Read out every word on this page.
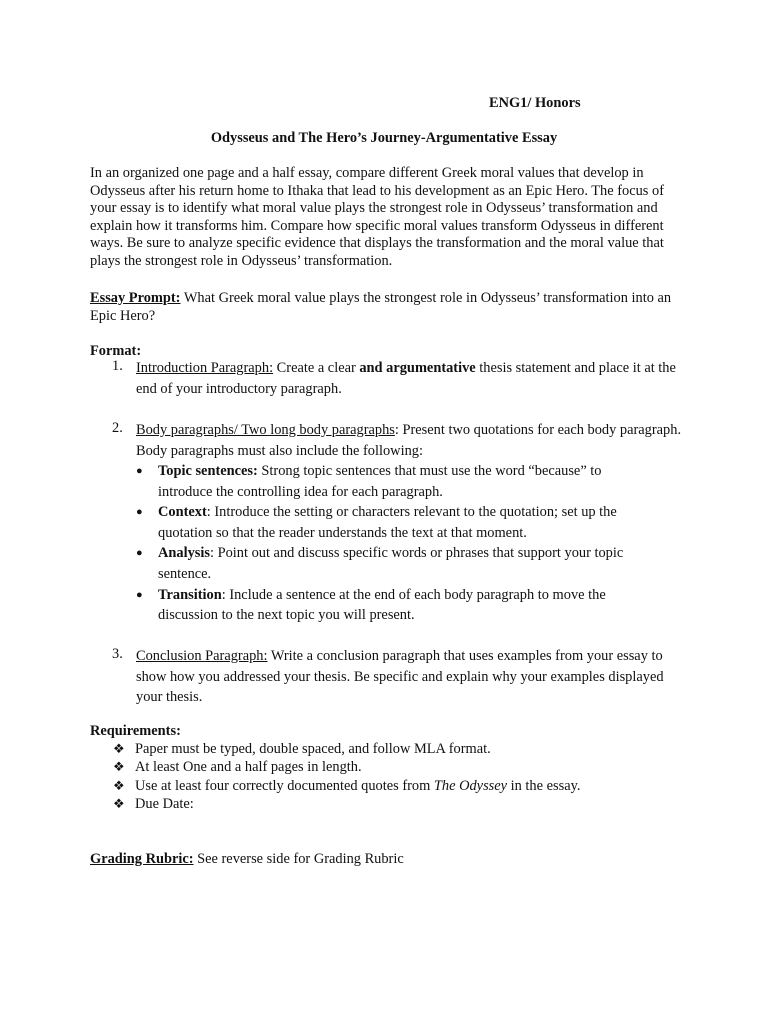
ENG1/ Honors
Odysseus and The Hero’s Journey-Argumentative Essay

In an organized one page and a half essay, compare different Greek moral values that develop in Odysseus after his return home to Ithaka that lead to his development as an Epic Hero. The focus of your essay is to identify what moral value plays the strongest role in Odysseus’ transformation and explain how it transforms him. Compare how specific moral values transform Odysseus in different ways. Be sure to analyze specific evidence that displays the transformation and the moral value that plays the strongest role in Odysseus’ transformation.

Essay Prompt: What Greek moral value plays the strongest role in Odysseus’ transformation into an Epic Hero?

Format:
1. Introduction Paragraph: Create a clear and argumentative thesis statement and place it at the end of your introductory paragraph.
2. Body paragraphs/ Two long body paragraphs: Present two quotations for each body paragraph. Body paragraphs must also include the following:
● Topic sentences: Strong topic sentences that must use the word “because” to introduce the controlling idea for each paragraph.
● Context: Introduce the setting or characters relevant to the quotation; set up the quotation so that the reader understands the text at that moment.
● Analysis: Point out and discuss specific words or phrases that support your topic sentence.
● Transition: Include a sentence at the end of each body paragraph to move the discussion to the next topic you will present.
3. Conclusion Paragraph: Write a conclusion paragraph that uses examples from your essay to show how you addressed your thesis. Be specific and explain why your examples displayed your thesis.
Requirements:
❖ Paper must be typed, double spaced, and follow MLA format.
❖ At least One and a half pages in length.
❖ Use at least four correctly documented quotes from The Odyssey in the essay.
❖ Due Date:
Grading Rubric: See reverse side for Grading Rubric
